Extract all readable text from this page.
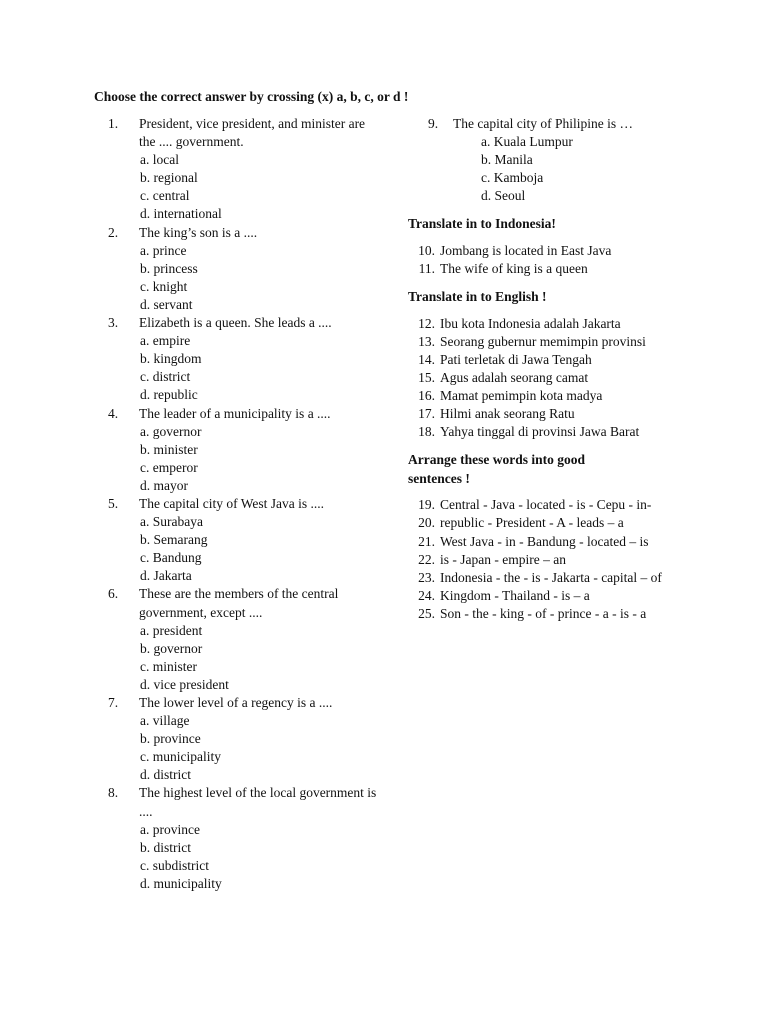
Choose the correct answer by crossing (x) a, b, c, or d !
1.	President, vice president, and minister are the .... government.
a. local
b. regional
c. central
d. international
2.	The king’s son is a ....
a. prince
b. princess
c. knight
d. servant
3.	Elizabeth is a queen. She leads a ....
a. empire
b. kingdom
c. district
d. republic
4.	The leader of a municipality is a ....
a. governor
b. minister
c. emperor
d. mayor
5.	The capital city of West Java is ....
a. Surabaya
b. Semarang
c. Bandung
d. Jakarta
6.	These are the members of the central government, except ....
a. president
b. governor
c. minister
d. vice president
7.	The lower level of a regency is a ....
a. village
b. province
c. municipality
d. district
8.	The highest level of the local government is ....
a. province
b. district
c. subdistrict
d. municipality
9.	The capital city of Philipine is …
a. Kuala Lumpur
b. Manila
c. Kamboja
d. Seoul
Translate in to Indonesia!
10. Jombang is located in East Java
11. The wife of king is a queen
Translate in to English !
12. Ibu kota Indonesia adalah Jakarta
13. Seorang gubernur memimpin provinsi
14. Pati terletak di Jawa Tengah
15. Agus adalah seorang camat
16. Mamat pemimpin kota madya
17. Hilmi anak seorang Ratu
18. Yahya tinggal di provinsi Jawa Barat
Arrange these words into good sentences !
19. Central - Java - located - is - Cepu - in-
20. republic - President - A - leads – a
21. West Java - in - Bandung - located – is
22. is - Japan - empire – an
23. Indonesia - the - is - Jakarta - capital – of
24. Kingdom - Thailand - is – a
25. Son - the - king - of - prince - a - is - a
